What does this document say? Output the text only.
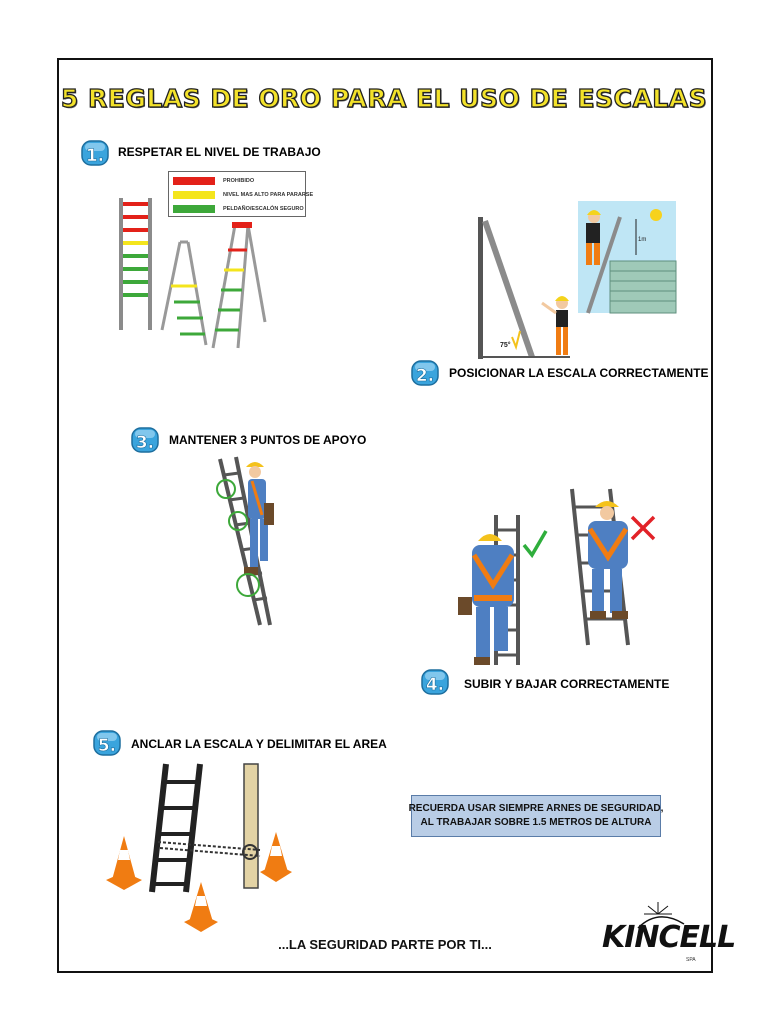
5 REGLAS DE ORO PARA EL USO DE ESCALAS
1. RESPETAR EL NIVEL DE TRABAJO
PROHIBIDO
NIVEL MAS ALTO PARA PARARSE
PELDAÑO/ESCALÓN SEGURO
75°
1m
2. POSICIONAR LA ESCALA CORRECTAMENTE
3. MANTENER 3 PUNTOS DE APOYO
4. SUBIR Y BAJAR CORRECTAMENTE
5. ANCLAR LA ESCALA Y DELIMITAR EL AREA
RECUERDA USAR SIEMPRE ARNES DE SEGURIDAD,
AL TRABAJAR SOBRE 1.5 METROS DE ALTURA
...LA SEGURIDAD PARTE POR TI...	KINCELL
SPA
